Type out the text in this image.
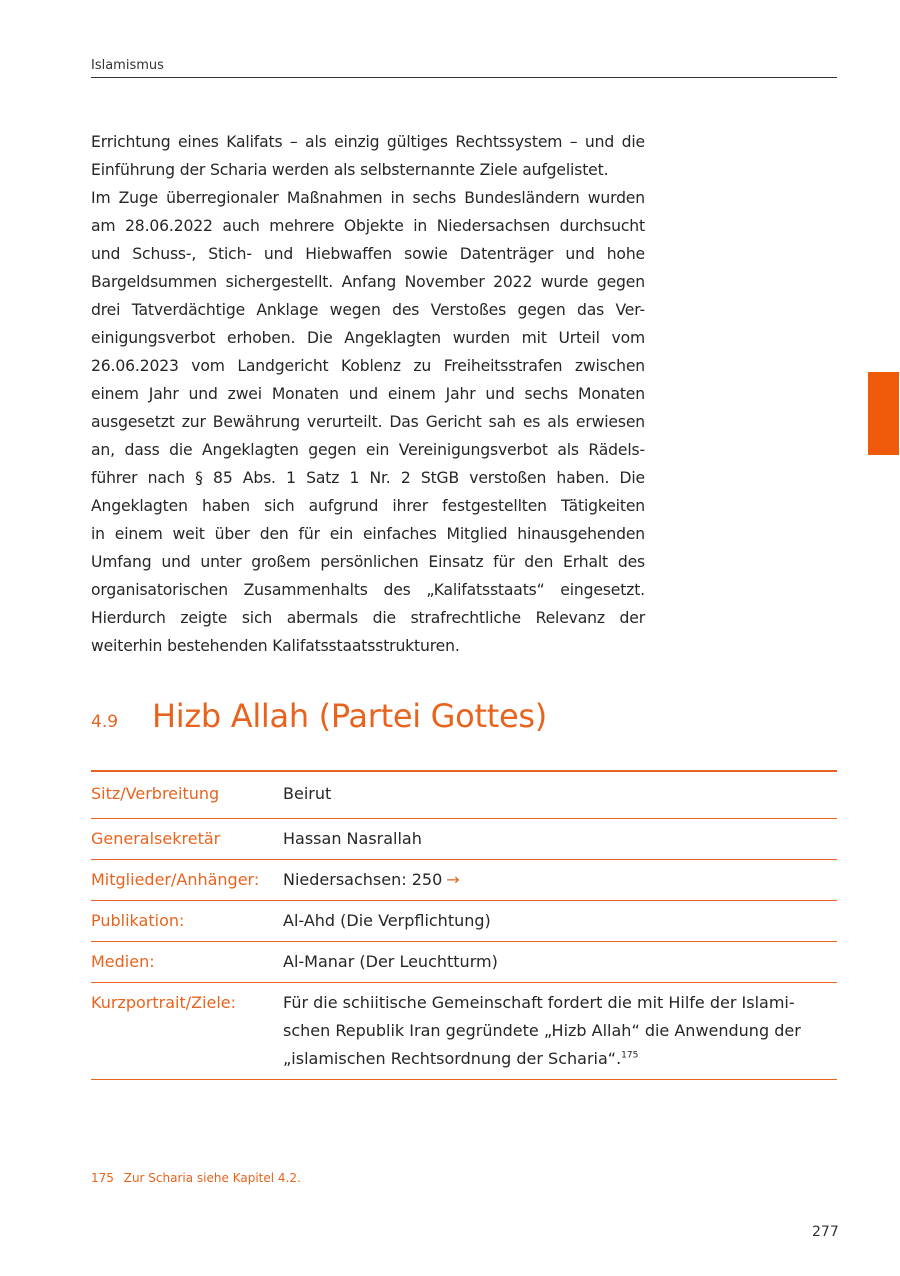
Islamismus
Errichtung eines Kalifats – als einzig gültiges Rechtssystem – und die
Einführung der Scharia werden als selbsternannte Ziele aufgelistet.
Im Zuge überregionaler Maßnahmen in sechs Bundesländern wurden
am 28.06.2022 auch mehrere Objekte in Niedersachsen durchsucht
und Schuss-, Stich- und Hiebwaffen sowie Datenträger und hohe
Bargeldsummen sichergestellt. Anfang November 2022 wurde gegen
drei Tatverdächtige Anklage wegen des Verstoßes gegen das Ver-
einigungsverbot erhoben. Die Angeklagten wurden mit Urteil vom
26.06.2023 vom Landgericht Koblenz zu Freiheitsstrafen zwischen
einem Jahr und zwei Monaten und einem Jahr und sechs Monaten
ausgesetzt zur Bewährung verurteilt. Das Gericht sah es als erwiesen
an, dass die Angeklagten gegen ein Vereinigungsverbot als Rädels-
führer nach § 85 Abs. 1 Satz 1 Nr. 2 StGB verstoßen haben. Die
Angeklagten haben sich aufgrund ihrer festgestellten Tätigkeiten
in einem weit über den für ein einfaches Mitglied hinausgehenden
Umfang und unter großem persönlichen Einsatz für den Erhalt des
organisatorischen Zusammenhalts des „Kalifatsstaats“ eingesetzt.
Hierdurch zeigte sich abermals die strafrechtliche Relevanz der
weiterhin bestehenden Kalifatsstaatsstrukturen.
4.9	Hizb Allah (Partei Gottes)
Sitz/Verbreitung	Beirut
Generalsekretär	Hassan Nasrallah
Mitglieder/Anhänger:	Niedersachsen: 250 →
Publikation:	Al-Ahd (Die Verpflichtung)
Medien:	Al-Manar (Der Leuchtturm)
Kurzportrait/Ziele:	Für die schiitische Gemeinschaft fordert die mit Hilfe der Islami-
schen Republik Iran gegründete „Hizb Allah“ die Anwendung der
„islamischen Rechtsordnung der Scharia“.$^{175}$
175 Zur Scharia siehe Kapitel 4.2.
277
